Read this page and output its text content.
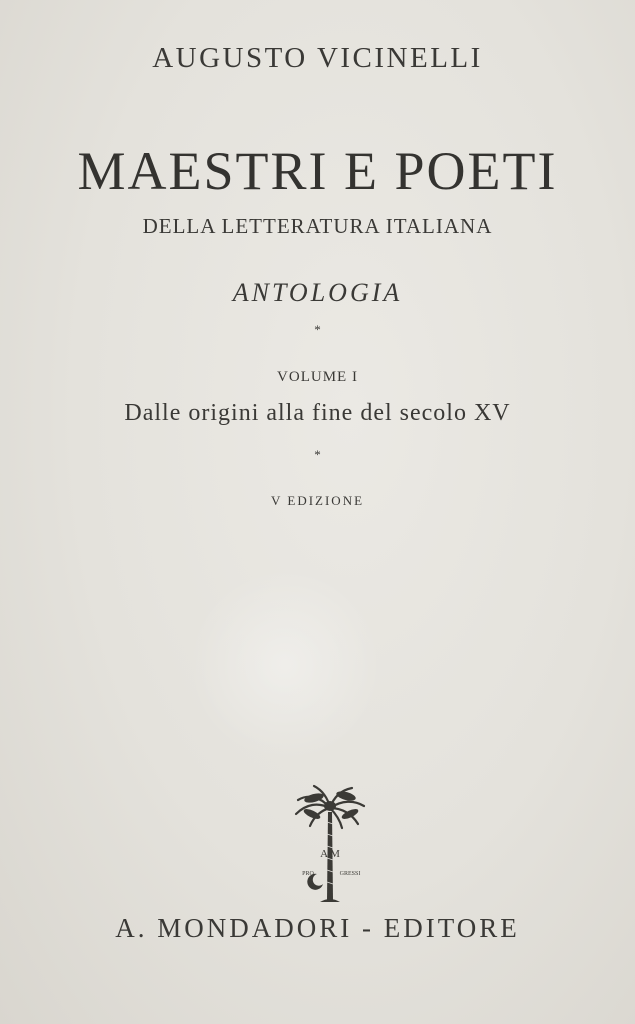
AUGUSTO VICINELLI
MAESTRI E POETI
DELLA LETTERATURA ITALIANA
ANTOLOGIA
*
VOLUME I
Dalle origini alla fine del secolo XV
*
V EDIZIONE
A M
PRO	GRESSI
A. MONDADORI - EDITORE
